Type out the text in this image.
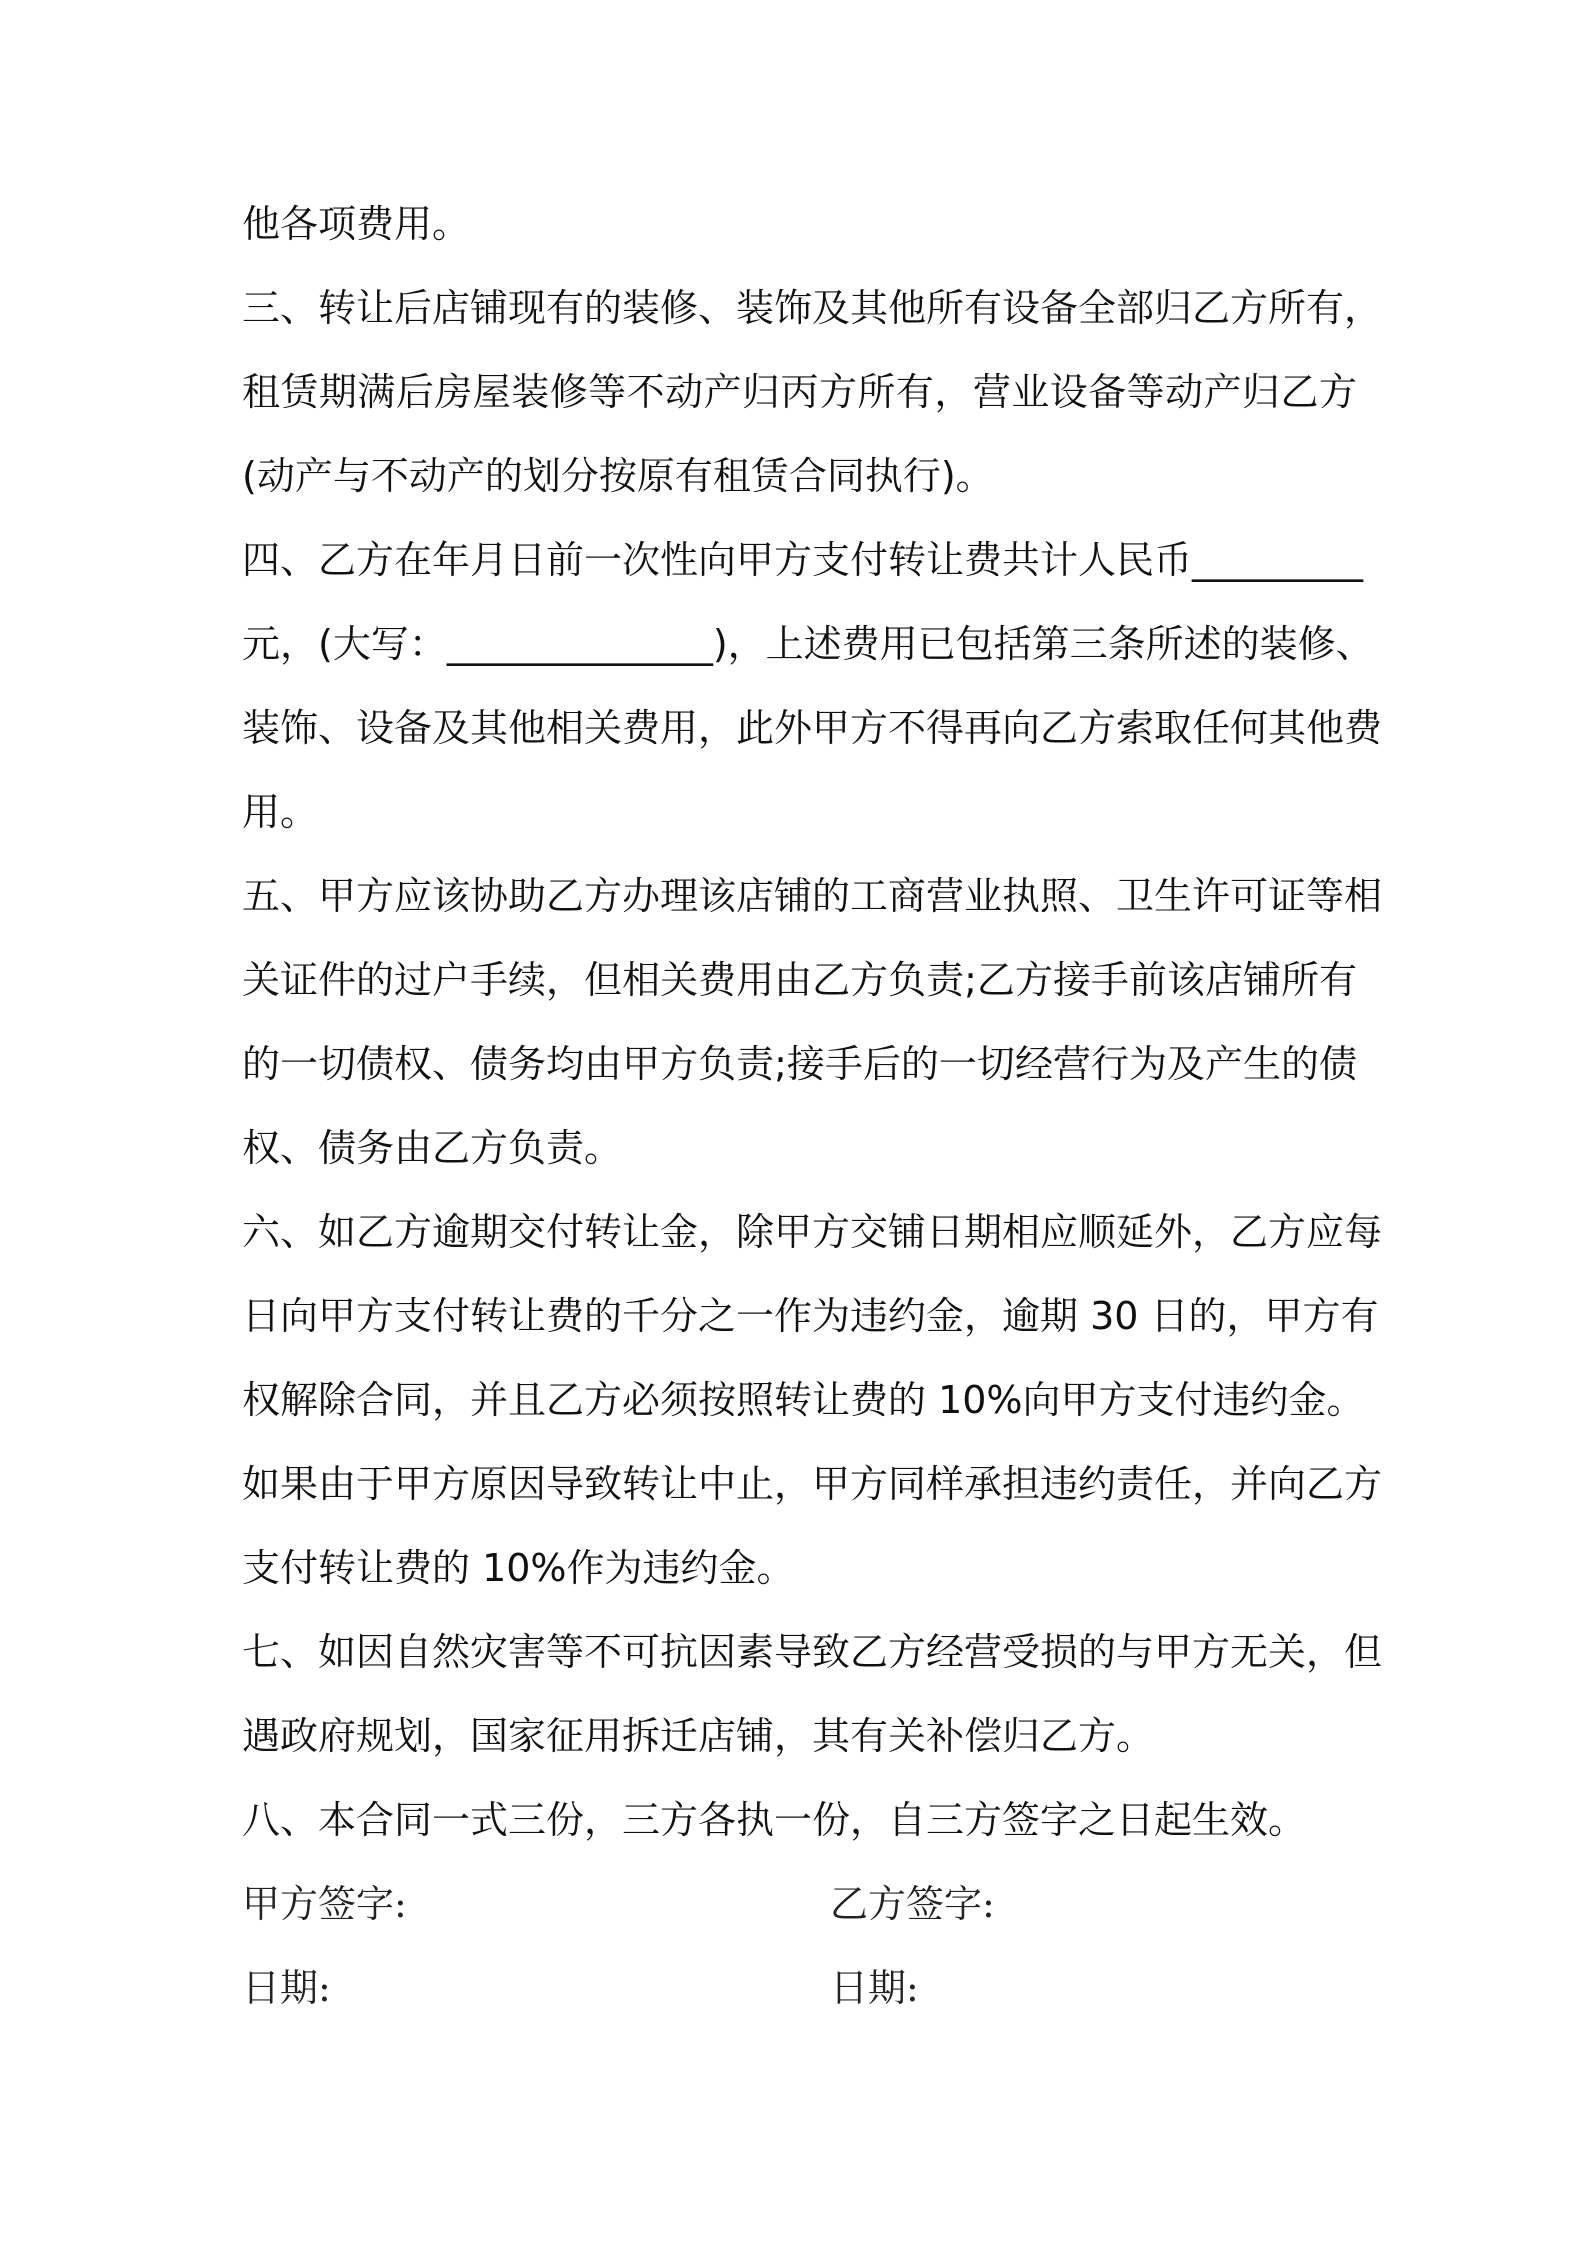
他各项费用。
三、转让后店铺现有的装修、装饰及其他所有设备全部归乙方所有，
租赁期满后房屋装修等不动产归丙方所有，营业设备等动产归乙方
(动产与不动产的划分按原有租赁合同执行)。
四、乙方在年月日前一次性向甲方支付转让费共计人民币_________
元，(大写：______________)，上述费用已包括第三条所述的装修、
装饰、设备及其他相关费用，此外甲方不得再向乙方索取任何其他费
用。
五、甲方应该协助乙方办理该店铺的工商营业执照、卫生许可证等相
关证件的过户手续，但相关费用由乙方负责;乙方接手前该店铺所有
的一切债权、债务均由甲方负责;接手后的一切经营行为及产生的债
权、债务由乙方负责。
六、如乙方逾期交付转让金，除甲方交铺日期相应顺延外，乙方应每
日向甲方支付转让费的千分之一作为违约金，逾期 30 日的，甲方有
权解除合同，并且乙方必须按照转让费的 10%向甲方支付违约金。
如果由于甲方原因导致转让中止，甲方同样承担违约责任，并向乙方
支付转让费的 10%作为违约金。
七、如因自然灾害等不可抗因素导致乙方经营受损的与甲方无关，但
遇政府规划，国家征用拆迁店铺，其有关补偿归乙方。
八、本合同一式三份，三方各执一份，自三方签字之日起生效。
甲方签字:	乙方签字:
日期:	日期:
